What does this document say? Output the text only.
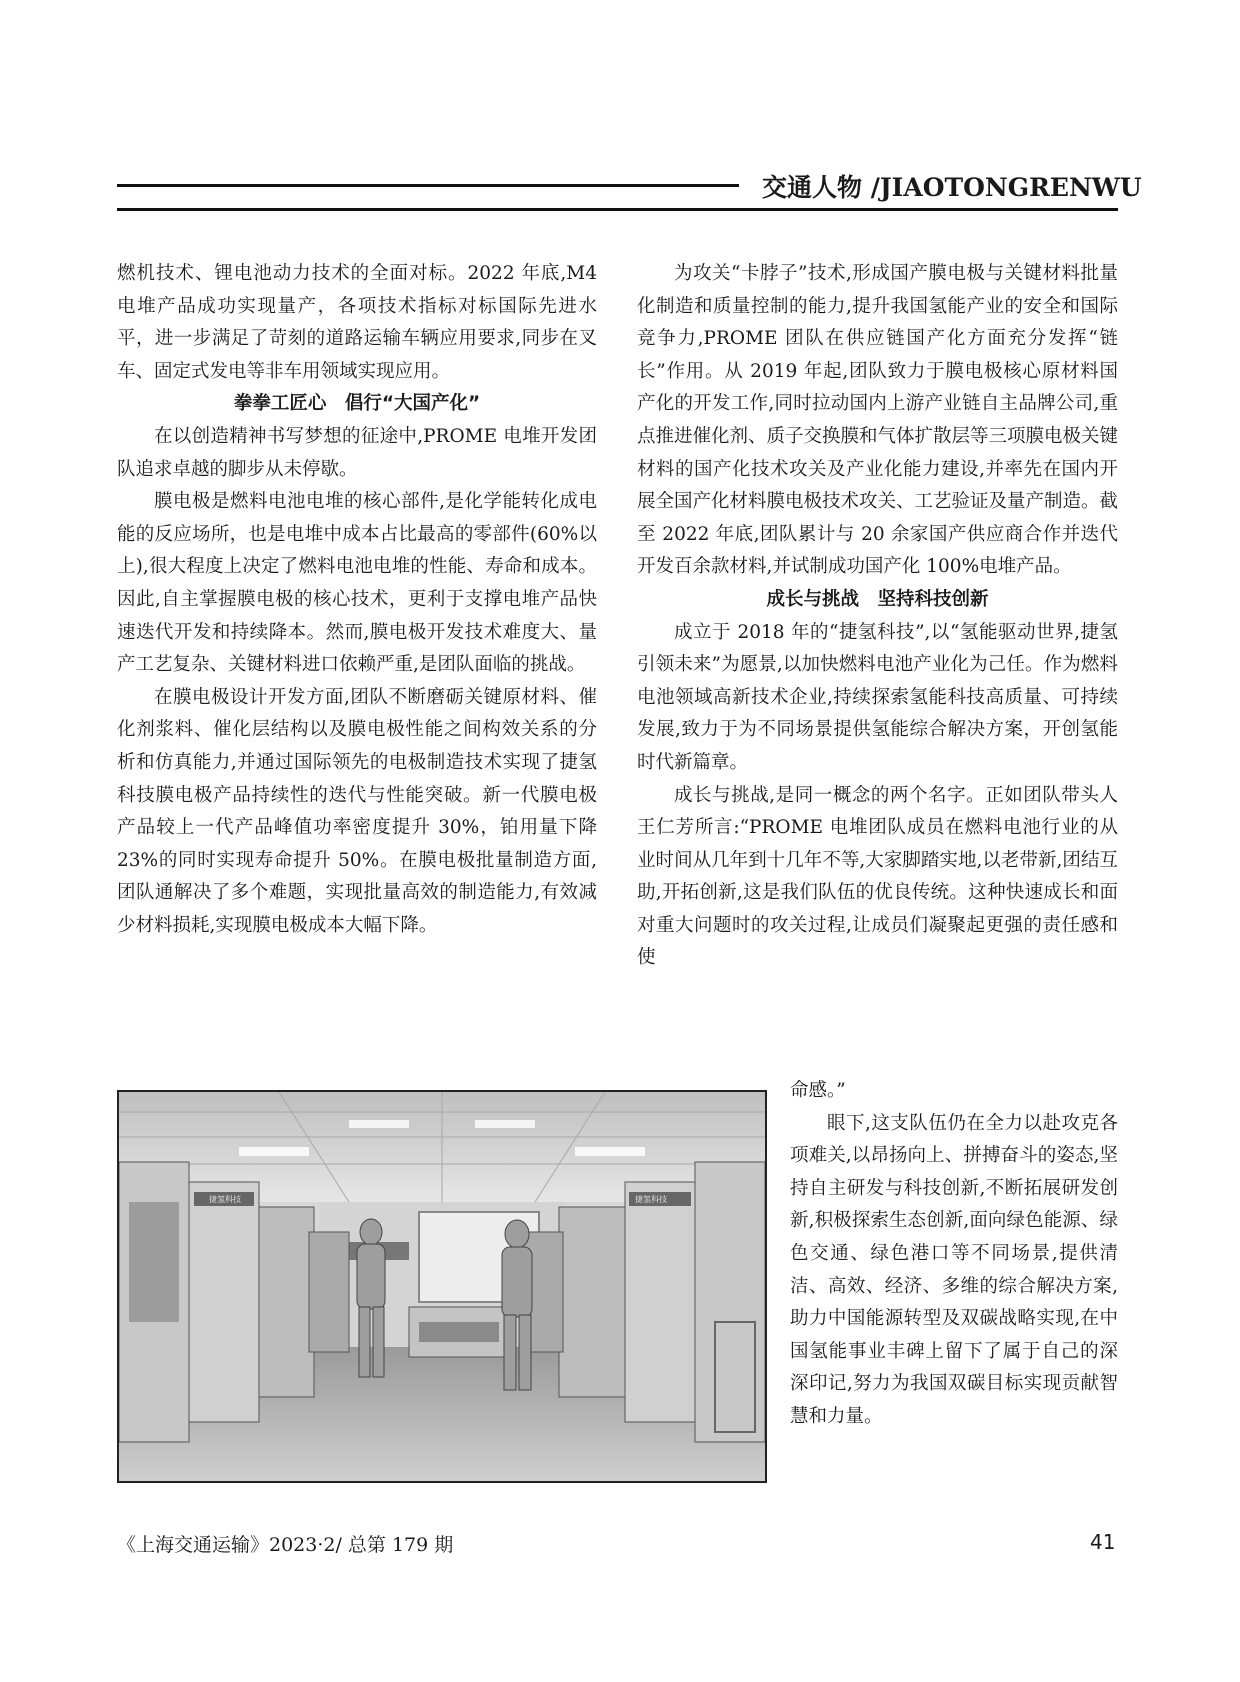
交通人物 /JIAOTONGRENWU

燃机技术、锂电池动力技术的全面对标。2022 年底,M4 电堆产品成功实现量产，各项技术指标对标国际先进水平，进一步满足了苛刻的道路运输车辆应用要求,同步在叉车、固定式发电等非车用领域实现应用。

拳拳工匠心　倡行“大国产化”

在以创造精神书写梦想的征途中,PROME 电堆开发团队追求卓越的脚步从未停歇。

膜电极是燃料电池电堆的核心部件,是化学能转化成电能的反应场所，也是电堆中成本占比最高的零部件(60%以上),很大程度上决定了燃料电池电堆的性能、寿命和成本。因此,自主掌握膜电极的核心技术，更利于支撑电堆产品快速迭代开发和持续降本。然而,膜电极开发技术难度大、量产工艺复杂、关键材料进口依赖严重,是团队面临的挑战。

在膜电极设计开发方面,团队不断磨砺关键原材料、催化剂浆料、催化层结构以及膜电极性能之间构效关系的分析和仿真能力,并通过国际领先的电极制造技术实现了捷氢科技膜电极产品持续性的迭代与性能突破。新一代膜电极产品较上一代产品峰值功率密度提升 30%，铂用量下降 23%的同时实现寿命提升 50%。在膜电极批量制造方面,团队通解决了多个难题，实现批量高效的制造能力,有效减少材料损耗,实现膜电极成本大幅下降。

为攻关“卡脖子”技术,形成国产膜电极与关键材料批量化制造和质量控制的能力,提升我国氢能产业的安全和国际竞争力,PROME 团队在供应链国产化方面充分发挥“链长”作用。从 2019 年起,团队致力于膜电极核心原材料国产化的开发工作,同时拉动国内上游产业链自主品牌公司,重点推进催化剂、质子交换膜和气体扩散层等三项膜电极关键材料的国产化技术攻关及产业化能力建设,并率先在国内开展全国产化材料膜电极技术攻关、工艺验证及量产制造。截至 2022 年底,团队累计与 20 余家国产供应商合作并迭代开发百余款材料,并试制成功国产化 100%电堆产品。

成长与挑战　坚持科技创新

成立于 2018 年的“捷氢科技”,以“氢能驱动世界,捷氢引领未来”为愿景,以加快燃料电池产业化为己任。作为燃料电池领域高新技术企业,持续探索氢能科技高质量、可持续发展,致力于为不同场景提供氢能综合解决方案，开创氢能时代新篇章。

成长与挑战,是同一概念的两个名字。正如团队带头人王仁芳所言:“PROME 电堆团队成员在燃料电池行业的从业时间从几年到十几年不等,大家脚踏实地,以老带新,团结互助,开拓创新,这是我们队伍的优良传统。这种快速成长和面对重大问题时的攻关过程,让成员们凝聚起更强的责任感和使

命感。”

眼下,这支队伍仍在全力以赴攻克各项难关,以昂扬向上、拼搏奋斗的姿态,坚持自主研发与科技创新,不断拓展研发创新,积极探索生态创新,面向绿色能源、绿色交通、绿色港口等不同场景,提供清洁、高效、经济、多维的综合解决方案,助力中国能源转型及双碳战略实现,在中国氢能事业丰碑上留下了属于自己的深深印记,努力为我国双碳目标实现贡献智慧和力量。

捷氢科技	捷氢科技
《上海交通运输》2023·2/ 总第 179 期	41
